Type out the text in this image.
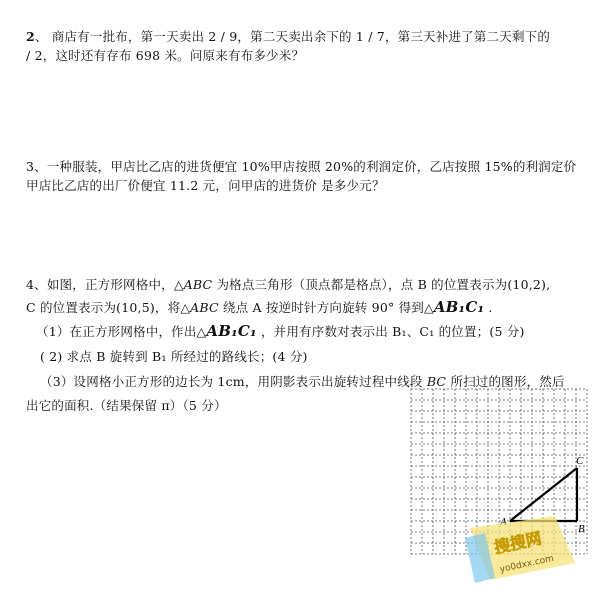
2、 商店有一批布，第一天卖出 2 / 9，第二天卖出余下的 1 / 7，第三天补进了第二天剩下的
/ 2，这时还有存布 698 米。问原来有布多少米？
3、一种服装，甲店比乙店的进货便宜 10%甲店按照 20%的利润定价，乙店按照 15%的利润定价
甲店比乙店的出厂价便宜 11.2 元，问甲店的进货价 是多少元？
4、如图，正方形网格中，△ABC 为格点三角形（顶点都是格点），点 B 的位置表示为(10,2),
C 的位置表示为(10,5)，将△ABC 绕点 A 按逆时针方向旋转 90° 得到△AB₁C₁ .
（1）在正方形网格中，作出△AB₁C₁ ，并用有序数对表示出 B₁、C₁ 的位置；(5 分)
( 2) 求点 B 旋转到 B₁ 所经过的路线长；(4 分)
（3）设网格小正方形的边长为 1cm，用阴影表示出旋转过程中线段 BC 所扫过的图形，然后
出它的面积.（结果保留 π）（5 分）
A
B
C
搜搜网
yo0dxx.com
